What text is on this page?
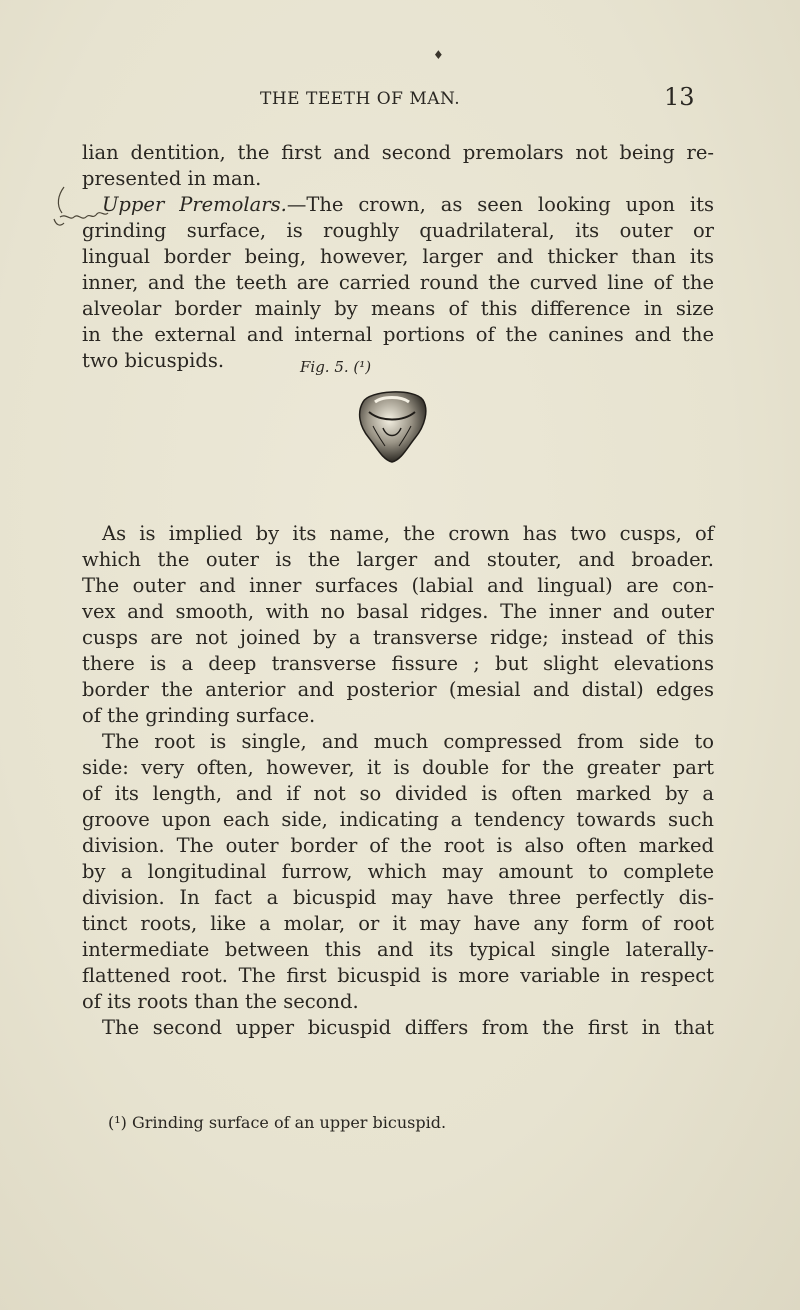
♦
THE TEETH OF MAN.	13
lian dentition, the first and second premolars not being re-
presented in man.
Upper Premolars.—The crown, as seen looking upon its
grinding surface, is roughly quadrilateral, its outer or
lingual border being, however, larger and thicker than its
inner, and the teeth are carried round the curved line of the
alveolar border mainly by means of this difference in size
in the external and internal portions of the canines and the
two bicuspids.	Fig. 5. (¹)
As is implied by its name, the crown has two cusps, of
which the outer is the larger and stouter, and broader.
The outer and inner surfaces (labial and lingual) are con-
vex and smooth, with no basal ridges. The inner and outer
cusps are not joined by a transverse ridge; instead of this
there is a deep transverse fissure ; but slight elevations
border the anterior and posterior (mesial and distal) edges
of the grinding surface.
The root is single, and much compressed from side to
side: very often, however, it is double for the greater part
of its length, and if not so divided is often marked by a
groove upon each side, indicating a tendency towards such
division. The outer border of the root is also often marked
by a longitudinal furrow, which may amount to complete
division. In fact a bicuspid may have three perfectly dis-
tinct roots, like a molar, or it may have any form of root
intermediate between this and its typical single laterally-
flattened root. The first bicuspid is more variable in respect
of its roots than the second.
The second upper bicuspid differs from the first in that
(¹) Grinding surface of an upper bicuspid.
